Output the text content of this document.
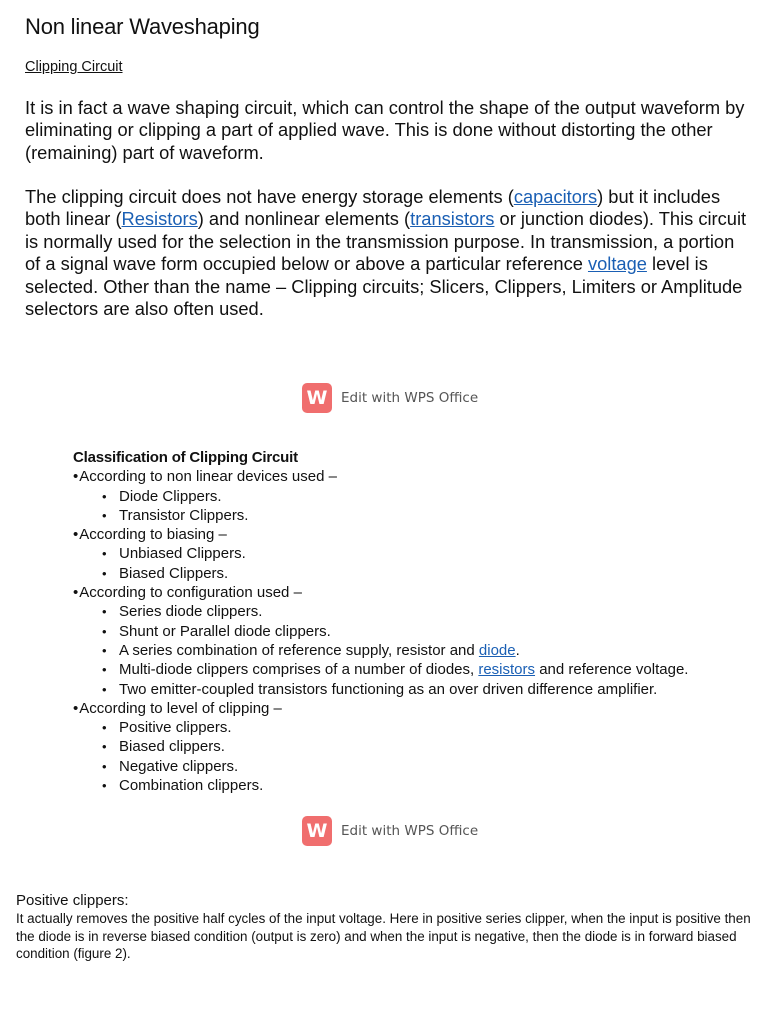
Non linear Waveshaping
Clipping Circuit
It is in fact a wave shaping circuit, which can control the shape of the output waveform by eliminating or clipping a part of applied wave. This is done without distorting the other (remaining) part of waveform.
The clipping circuit does not have energy storage elements (capacitors) but it includes both linear (Resistors) and nonlinear elements (transistors or junction diodes). This circuit is normally used for the selection in the transmission purpose. In transmission, a portion of a signal wave form occupied below or above a particular reference voltage level is selected. Other than the name – Clipping circuits; Slicers, Clippers, Limiters or Amplitude selectors are also often used.
W	Edit with WPS Office
Classification of Clipping Circuit
• According to non linear devices used –
• Diode Clippers.
• Transistor Clippers.
• According to biasing –
• Unbiased Clippers.
• Biased Clippers.
• According to configuration used –
• Series diode clippers.
• Shunt or Parallel diode clippers.
• A series combination of reference supply, resistor and diode.
• Multi-diode clippers comprises of a number of diodes, resistors and reference voltage.
• Two emitter-coupled transistors functioning as an over driven difference amplifier.
• According to level of clipping –
• Positive clippers.
• Biased clippers.
• Negative clippers.
• Combination clippers.
W	Edit with WPS Office
Positive clippers:
It actually removes the positive half cycles of the input voltage. Here in positive series clipper, when the input is positive then the diode is in reverse biased condition (output is zero) and when the input is negative, then the diode is in forward biased condition (figure 2).
